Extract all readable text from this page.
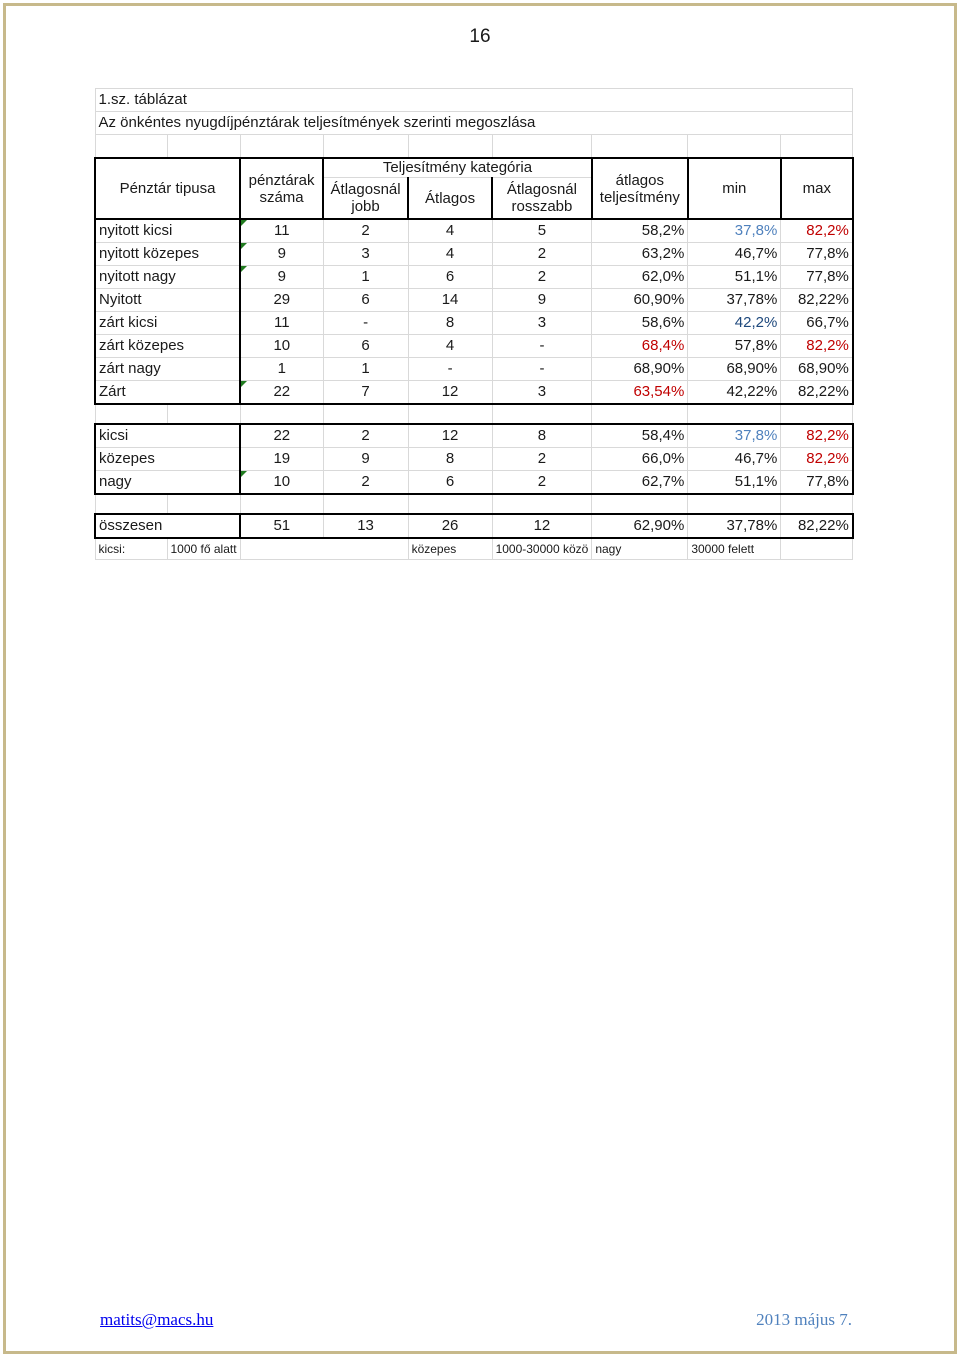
16
1.sz. táblázat								
Az önkéntes nyugdíjpénztárak teljesítmények szerinti megoszlása								

Pénztár tipusa		pénztárak száma	Teljesítmény kategória			átlagos teljesítmény	min	max
			Átlagosnál jobb	Átlagos	Átlagosnál rosszabb			
nyitott kicsi		11	2	4	5	58,2%	37,8%	82,2%
nyitott közepes		9	3	4	2	63,2%	46,7%	77,8%
nyitott nagy		9	1	6	2	62,0%	51,1%	77,8%
Nyitott		29	6	14	9	60,90%	37,78%	82,22%
zárt kicsi		11	-	8	3	58,6%	42,2%	66,7%
zárt közepes		10	6	4	-	68,4%	57,8%	82,2%
zárt nagy		1	1	-	-	68,90%	68,90%	68,90%
Zárt		22	7	12	3	63,54%	42,22%	82,22%

kicsi		22	2	12	8	58,4%	37,8%	82,2%
közepes		19	9	8	2	66,0%	46,7%	82,2%
nagy		10	2	6	2	62,7%	51,1%	77,8%

összesen		51	13	26	12	62,90%	37,78%	82,22%
kicsi:	1000 fő alatt			közepes	1000-30000 közö	nagy	30000 felett	
matits@macs.hu	2013 május 7.
